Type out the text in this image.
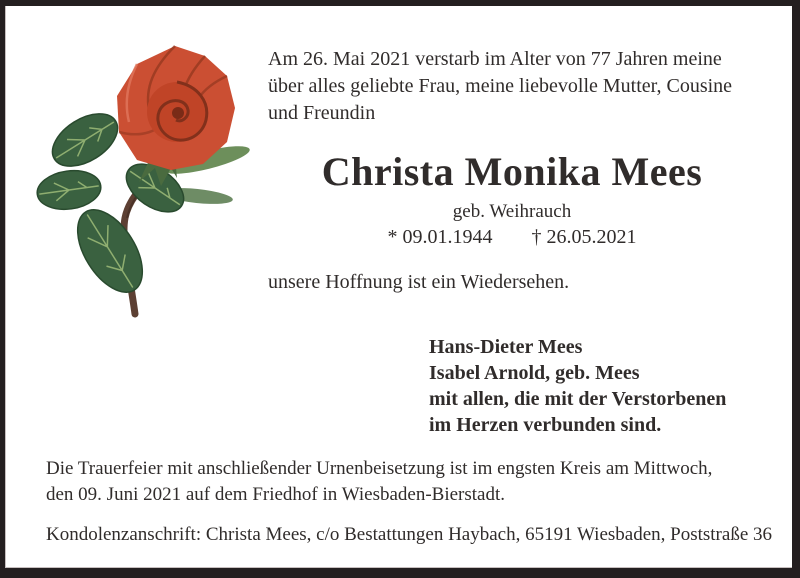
Am 26. Mai 2021 verstarb im Alter von 77 Jahren meine
über alles geliebte Frau, meine liebevolle Mutter, Cousine
und Freundin
Christa Monika Mees
geb. Weihrauch
* 09.01.1944 † 26.05.2021
unsere Hoffnung ist ein Wiedersehen.
Hans-Dieter Mees
Isabel Arnold, geb. Mees
mit allen, die mit der Verstorbenen
im Herzen verbunden sind.
Die Trauerfeier mit anschließender Urnenbeisetzung ist im engsten Kreis am Mittwoch,
den 09. Juni 2021 auf dem Friedhof in Wiesbaden-Bierstadt.
Kondolenzanschrift: Christa Mees, c/o Bestattungen Haybach, 65191 Wiesbaden, Poststraße 36
